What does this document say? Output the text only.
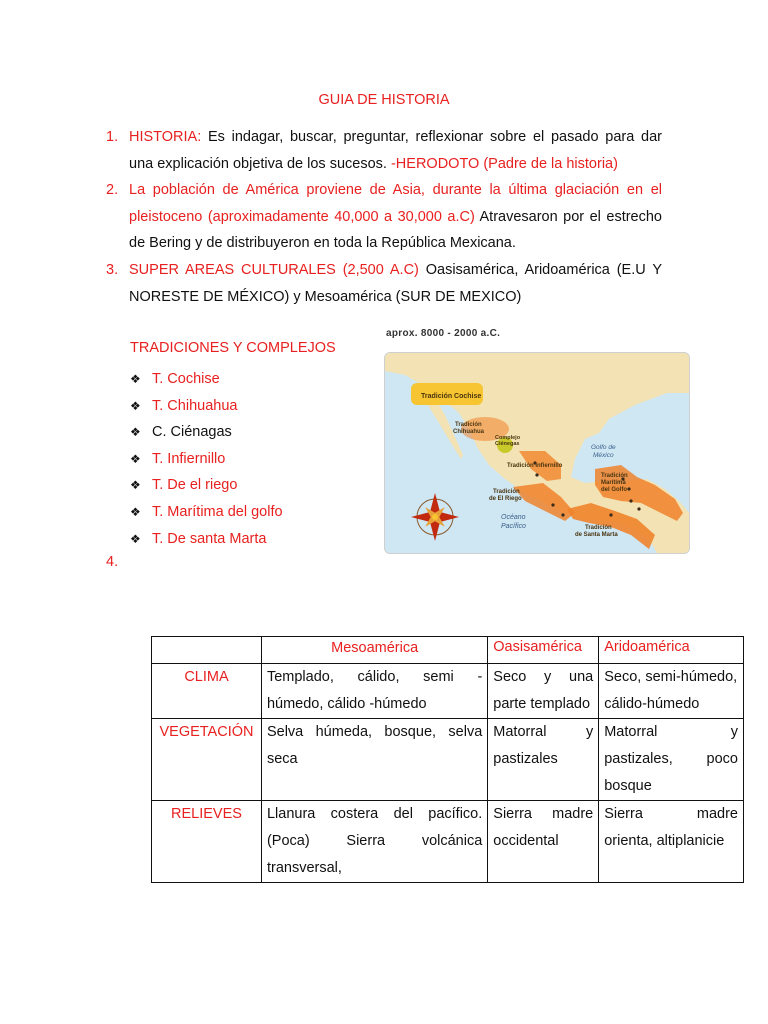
GUIA DE HISTORIA
1. HISTORIA: Es indagar, buscar, preguntar, reflexionar sobre el pasado para dar una explicación objetiva de los sucesos. -HERODOTO (Padre de la historia)
2. La población de América proviene de Asia, durante la última glaciación en el pleistoceno (aproximadamente 40,000 a 30,000 a.C) Atravesaron por el estrecho de Bering y de distribuyeron en toda la República Mexicana.
3. SUPER AREAS CULTURALES (2,500 A.C) Oasisamérica, Aridoamérica (E.U Y NORESTE DE MÉXICO) y Mesoamérica (SUR DE MEXICO)
TRADICIONES Y COMPLEJOS
❖ T. Cochise
❖ T. Chihuahua
❖ C. Ciénagas
❖ T. Infiernillo
❖ T. De el riego
❖ T. Marítima del golfo
❖ T. De santa Marta
4.
aprox. 8000 - 2000 a.C.
Tradición Cochise
Tradición
Chihuahua
Complejo
Ciénegas
Tradición Infiernillo
Golfo de
México
Tradición
de El Riego
Tradición
Marítima
del Golfo
Tradición
de Santa Marta
Océano
Pacífico
	Mesoamérica	Oasisamérica	Aridoamérica
CLIMA	Templado, cálido, semi - húmedo, cálido -húmedo	Seco y una parte templado	Seco, semi-húmedo, cálido-húmedo
VEGETACIÓN	Selva húmeda, bosque, selva seca	Matorral y pastizales	Matorral y pastizales, poco bosque
RELIEVES	Llanura costera del pacífico. (Poca) Sierra volcánica transversal,	Sierra madre occidental	Sierra madre orienta, altiplanicie
